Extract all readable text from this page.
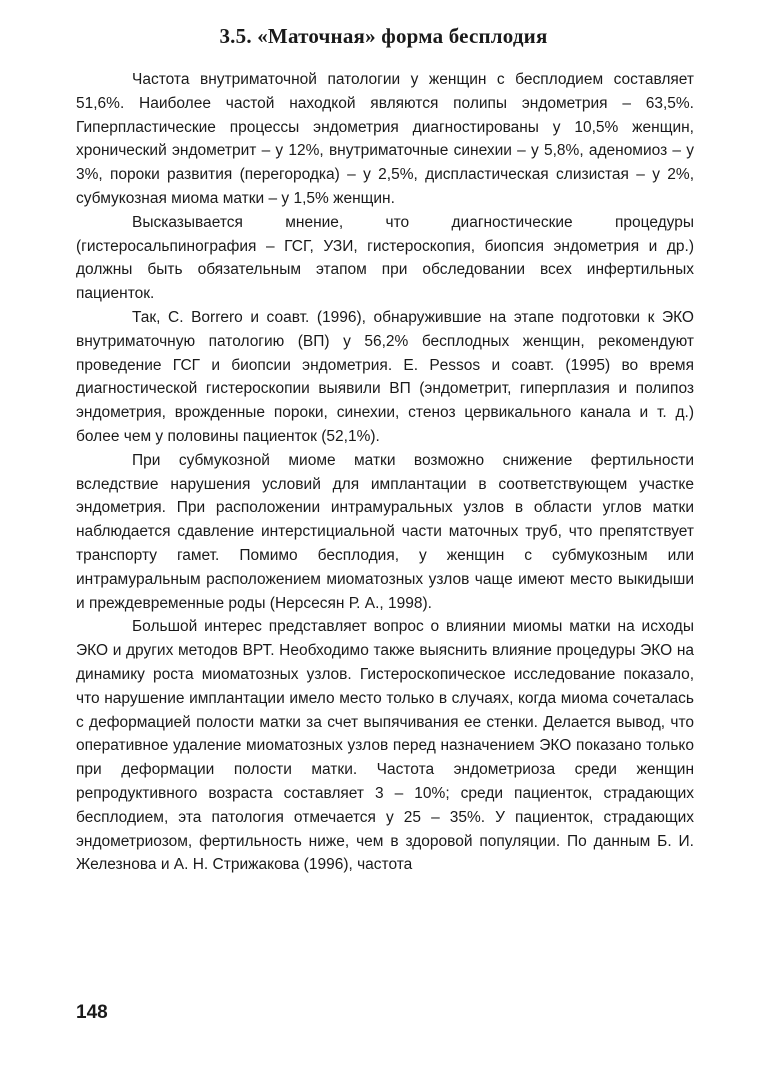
3.5. «Маточная» форма бесплодия

Частота внутриматочной патологии у женщин с бесплодием составляет 51,6%. Наиболее частой находкой являются полипы эндометрия – 63,5%. Гиперпластические процессы эндометрия диагностированы у 10,5% женщин, хронический эндометрит – у 12%, внутриматочные синехии – у 5,8%, аденомиоз – у 3%, пороки развития (перегородка) – у 2,5%, диспластическая слизистая – у 2%, субмукозная миома матки – у 1,5% женщин.

Высказывается мнение, что диагностические процедуры (гистеросальпинография – ГСГ, УЗИ, гистероскопия, биопсия эндометрия и др.) должны быть обязательным этапом при обследовании всех инфертильных пациенток.

Так, С. Borrero и соавт. (1996), обнаружившие на этапе подготовки к ЭКО внутриматочную патологию (ВП) у 56,2% бесплодных женщин, рекомендуют проведение ГСГ и биопсии эндометрия. Е. Pessos и соавт. (1995) во время диагностической гистероскопии выявили ВП (эндометрит, гиперплазия и полипоз эндометрия, врожденные пороки, синехии, стеноз цервикального канала и т. д.) более чем у половины пациенток (52,1%).

При субмукозной миоме матки возможно снижение фертильности вследствие нарушения условий для имплантации в соответствующем участке эндометрия. При расположении интрамуральных узлов в области углов матки наблюдается сдавление интерстициальной части маточных труб, что препятствует транспорту гамет. Помимо бесплодия, у женщин с субмукозным или интрамуральным расположением миоматозных узлов чаще имеют место выкидыши и преждевременные роды (Нерсесян Р. А., 1998).

Большой интерес представляет вопрос о влиянии миомы матки на исходы ЭКО и других методов ВРТ. Необходимо также выяснить влияние процедуры ЭКО на динамику роста миоматозных узлов. Гистероскопическое исследование показало, что нарушение имплантации имело место только в случаях, когда миома сочеталась с деформацией полости матки за счет выпячивания ее стенки. Делается вывод, что оперативное удаление миоматозных узлов перед назначением ЭКО показано только при деформации полости матки. Частота эндометриоза среди женщин репродуктивного возраста составляет 3 – 10%; среди пациенток, страдающих бесплодием, эта патология отмечается у 25 – 35%. У пациенток, страдающих эндометриозом, фертильность ниже, чем в здоровой популяции. По данным Б. И. Железнова и А. Н. Стрижакова (1996), частота

148
